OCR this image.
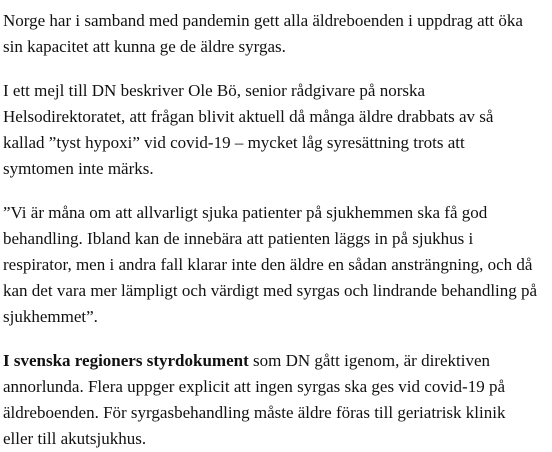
Norge har i samband med pandemin gett alla äldreboenden i uppdrag att öka sin kapacitet att kunna ge de äldre syrgas.

I ett mejl till DN beskriver Ole Bö, senior rådgivare på norska Helsodirektoratet, att frågan blivit aktuell då många äldre drabbats av så kallad ”tyst hypoxi” vid covid-19 – mycket låg syresättning trots att symtomen inte märks.

”Vi är måna om att allvarligt sjuka patienter på sjukhemmen ska få god behandling. Ibland kan de innebära att patienten läggs in på sjukhus i respirator, men i andra fall klarar inte den äldre en sådan ansträngning, och då kan det vara mer lämpligt och värdigt med syrgas och lindrande behandling på sjukhemmet”.

I svenska regioners styrdokument som DN gått igenom, är direktiven annorlunda. Flera uppger explicit att ingen syrgas ska ges vid covid-19 på äldreboenden. För syrgasbehandling måste äldre föras till geriatrisk klinik eller till akutsjukhus.
